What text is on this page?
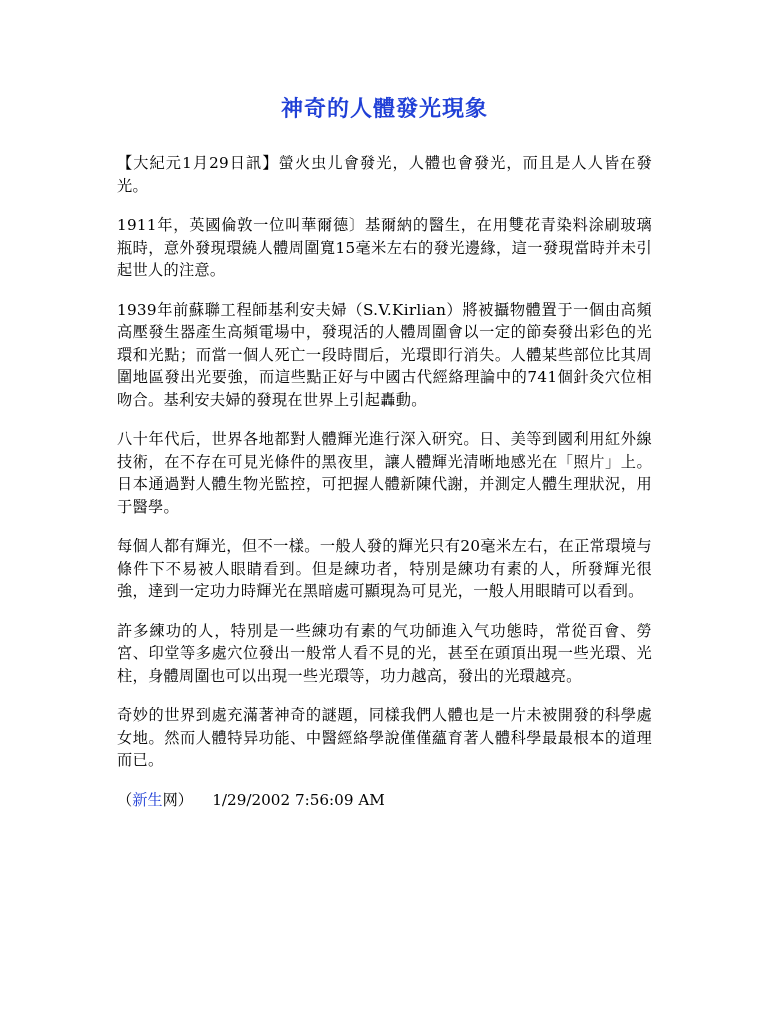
神奇的人體發光現象

【大紀元1月29日訊】螢火虫儿會發光，人體也會發光，而且是人人皆在發光。

1911年，英國倫敦一位叫華爾德〕基爾納的醫生，在用雙花青染料涂刷玻璃瓶時，意外發現環繞人體周圍寬15毫米左右的發光邊緣，這一發現當時并未引起世人的注意。

1939年前蘇聯工程師基利安夫婦（S.V.Kirlian）將被攝物體置于一個由高頻高壓發生器產生高頻電場中，發現活的人體周圍會以一定的節奏發出彩色的光環和光點；而當一個人死亡一段時間后，光環即行消失。人體某些部位比其周圍地區發出光要強，而這些點正好与中國古代經絡理論中的741個針灸穴位相吻合。基利安夫婦的發現在世界上引起轟動。

八十年代后，世界各地都對人體輝光進行深入研究。日、美等到國利用紅外線技術，在不存在可見光條件的黑夜里，讓人體輝光清晰地感光在「照片」上。日本通過對人體生物光監控，可把握人體新陳代謝，并測定人體生理狀況，用于醫學。

每個人都有輝光，但不一樣。一般人發的輝光只有20毫米左右，在正常環境与條件下不易被人眼睛看到。但是練功者，特別是練功有素的人，所發輝光很強，達到一定功力時輝光在黑暗處可顯現為可見光，一般人用眼睛可以看到。

許多練功的人，特別是一些練功有素的气功師進入气功態時，常從百會、勞宮、印堂等多處穴位發出一般常人看不見的光，甚至在頭頂出現一些光環、光柱，身體周圍也可以出現一些光環等，功力越高，發出的光環越亮。

奇妙的世界到處充滿著神奇的謎題，同樣我們人體也是一片未被開發的科學處女地。然而人體特异功能、中醫經絡學說僅僅蘊育著人體科學最最根本的道理而已。

（新生网） 1/29/2002 7:56:09 AM
